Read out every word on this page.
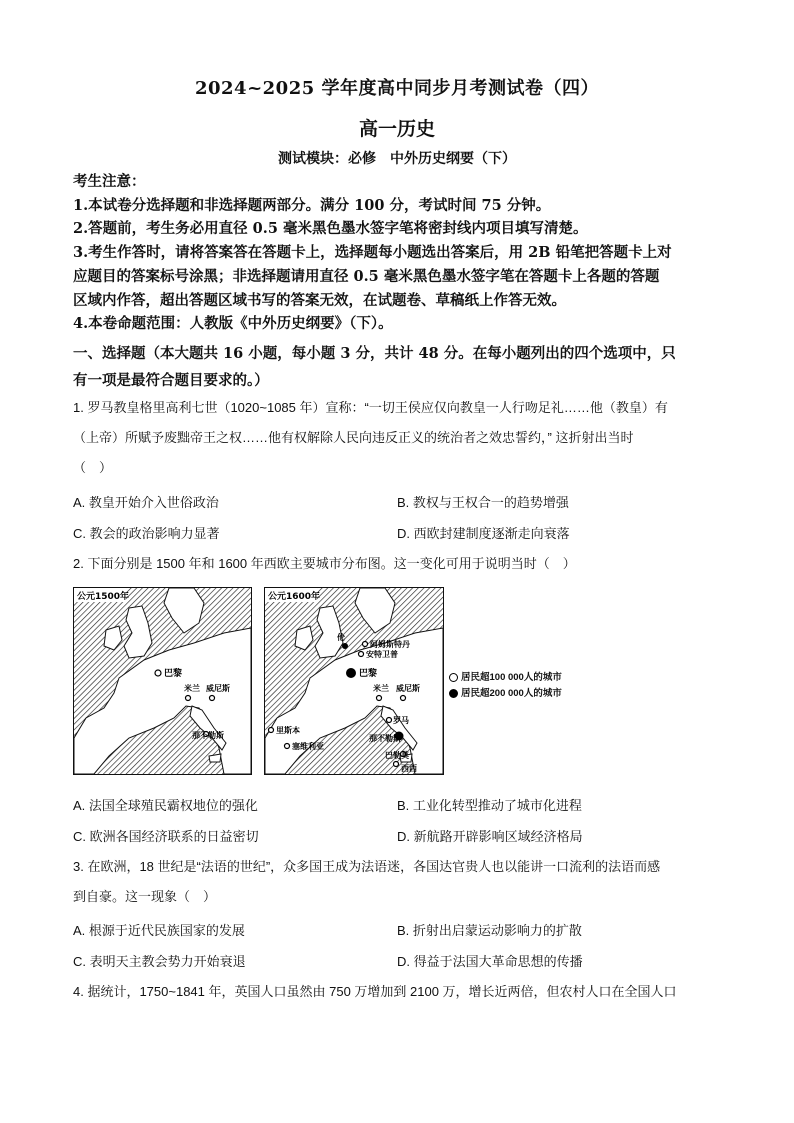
2024~2025 学年度高中同步月考测试卷（四）
高一历史
测试模块：必修　中外历史纲要（下）
考生注意：
1.本试卷分选择题和非选择题两部分。满分 100 分，考试时间 75 分钟。
2.答题前，考生务必用直径 0.5 毫米黑色墨水签字笔将密封线内项目填写清楚。
3.考生作答时，请将答案答在答题卡上，选择题每小题选出答案后，用 2B 铅笔把答题卡上对
应题目的答案标号涂黑；非选择题请用直径 0.5 毫米黑色墨水签字笔在答题卡上各题的答题
区域内作答，超出答题区域书写的答案无效，在试题卷、草稿纸上作答无效。
4.本卷命题范围：人教版《中外历史纲要》（下）。
一、选择题（本大题共 16 小题，每小题 3 分，共计 48 分。在每小题列出的四个选项中，只
有一项是最符合题目要求的。）
1. 罗马教皇格里高利七世（1020~1085 年）宣称：“一切王侯应仅向教皇一人行吻足礼……他（教皇）有
（上帝）所赋予废黜帝王之权……他有权解除人民向违反正义的统治者之效忠誓约，” 这折射出当时
（　）
A. 教皇开始介入世俗政治	B. 教权与王权合一的趋势增强
C. 教会的政治影响力显著	D. 西欧封建制度逐渐走向衰落
2. 下面分别是 1500 年和 1600 年西欧主要城市分布图。这一变化可用于说明当时（　）
巴黎
米兰 威尼斯
那不勒斯
公元1500年
伦
阿姆斯特丹
安特卫普
巴黎
米兰 威尼斯
里斯本
塞维利亚
罗马
那不勒斯
巴勒莫
西西
公元1600年
居民超100 000人的城市
居民超200 000人的城市
A. 法国全球殖民霸权地位的强化	B. 工业化转型推动了城市化进程
C. 欧洲各国经济联系的日益密切	D. 新航路开辟影响区域经济格局
3. 在欧洲，18 世纪是“法语的世纪”，众多国王成为法语迷，各国达官贵人也以能讲一口流利的法语而感
到自豪。这一现象（　）
A. 根源于近代民族国家的发展	B. 折射出启蒙运动影响力的扩散
C. 表明天主教会势力开始衰退	D. 得益于法国大革命思想的传播
4. 据统计，1750~1841 年，英国人口虽然由 750 万增加到 2100 万，增长近两倍，但农村人口在全国人口
